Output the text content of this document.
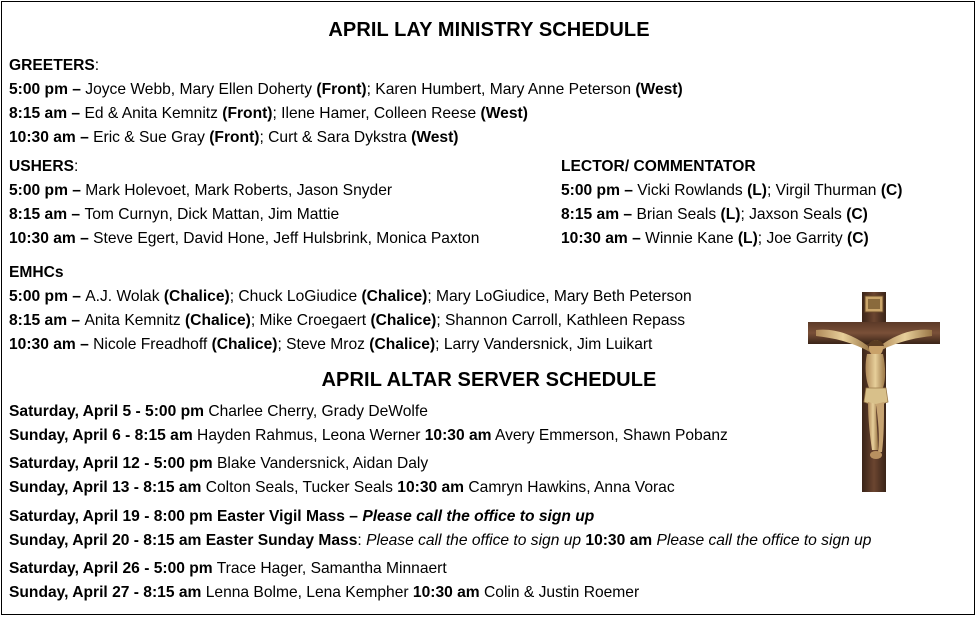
APRIL LAY MINISTRY SCHEDULE
GREETERS:
5:00 pm – Joyce Webb, Mary Ellen Doherty (Front); Karen Humbert, Mary Anne Peterson (West)
8:15 am – Ed & Anita Kemnitz (Front); Ilene Hamer, Colleen Reese (West)
10:30 am – Eric & Sue Gray (Front); Curt & Sara Dykstra (West)
USHERS:
5:00 pm – Mark Holevoet, Mark Roberts, Jason Snyder
8:15 am – Tom Curnyn, Dick Mattan, Jim Mattie
10:30 am – Steve Egert, David Hone, Jeff Hulsbrink, Monica Paxton
LECTOR/ COMMENTATOR
5:00 pm – Vicki Rowlands (L); Virgil Thurman (C)
8:15 am – Brian Seals (L); Jaxson Seals (C)
10:30 am – Winnie Kane (L); Joe Garrity (C)
EMHCs
5:00 pm – A.J. Wolak (Chalice); Chuck LoGiudice (Chalice); Mary LoGiudice, Mary Beth Peterson
8:15 am – Anita Kemnitz (Chalice); Mike Croegaert (Chalice); Shannon Carroll, Kathleen Repass
10:30 am – Nicole Freadhoff (Chalice); Steve Mroz (Chalice); Larry Vandersnick, Jim Luikart
APRIL ALTAR SERVER SCHEDULE
Saturday, April 5 - 5:00 pm Charlee Cherry, Grady DeWolfe
Sunday, April 6 - 8:15 am Hayden Rahmus, Leona Werner 10:30 am Avery Emmerson, Shawn Pobanz
Saturday, April 12 - 5:00 pm Blake Vandersnick, Aidan Daly
Sunday, April 13 - 8:15 am Colton Seals, Tucker Seals 10:30 am Camryn Hawkins, Anna Vorac
Saturday, April 19 - 8:00 pm Easter Vigil Mass – Please call the office to sign up
Sunday, April 20 - 8:15 am Easter Sunday Mass: Please call the office to sign up 10:30 am Please call the office to sign up
Saturday, April 26 - 5:00 pm Trace Hager, Samantha Minnaert
Sunday, April 27 - 8:15 am Lenna Bolme, Lena Kempher 10:30 am Colin & Justin Roemer
